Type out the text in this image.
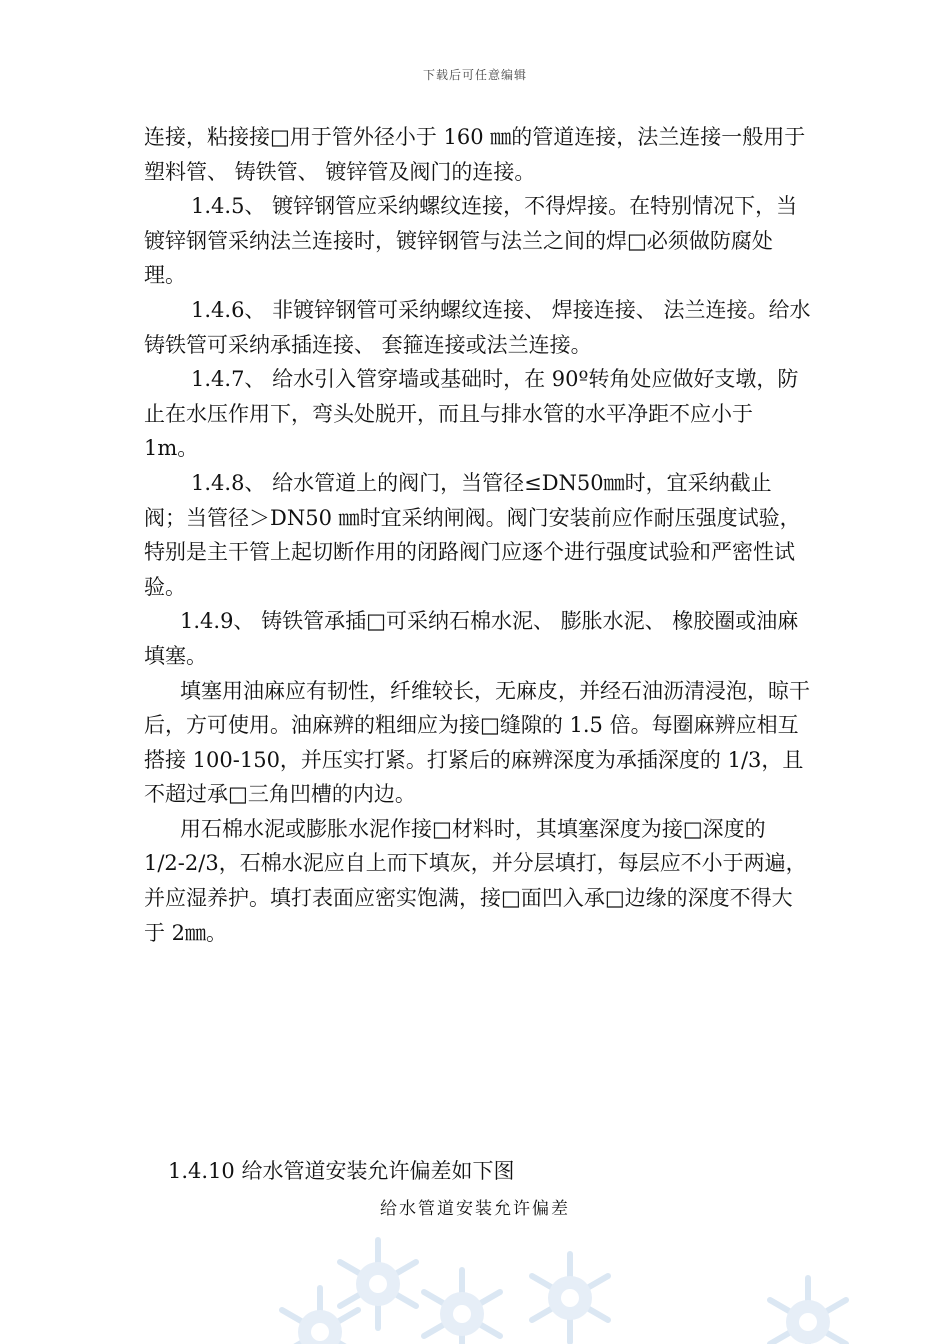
下载后可任意编辑

连接，粘接接□用于管外径小于 160 ㎜的管道连接，法兰连接一般用于塑料管、 铸铁管、 镀锌管及阀门的连接。

1.4.5、 镀锌钢管应采纳螺纹连接，不得焊接。在特别情况下，当镀锌钢管采纳法兰连接时，镀锌钢管与法兰之间的焊□必须做防腐处理。

1.4.6、 非镀锌钢管可采纳螺纹连接、 焊接连接、 法兰连接。给水铸铁管可采纳承插连接、 套箍连接或法兰连接。

1.4.7、 给水引入管穿墙或基础时，在 90º转角处应做好支墩，防止在水压作用下，弯头处脱开，而且与排水管的水平净距不应小于 1m。

1.4.8、 给水管道上的阀门，当管径≤DN50㎜时，宜采纳截止阀；当管径＞DN50 ㎜时宜采纳闸阀。阀门安装前应作耐压强度试验，特别是主干管上起切断作用的闭路阀门应逐个进行强度试验和严密性试验。

1.4.9、 铸铁管承插□可采纳石棉水泥、 膨胀水泥、 橡胶圈或油麻填塞。

填塞用油麻应有韧性，纤维较长，无麻皮，并经石油沥清浸泡，晾干后，方可使用。油麻辨的粗细应为接□缝隙的 1.5 倍。每圈麻辨应相互搭接 100-150，并压实打紧。打紧后的麻辨深度为承插深度的 1/3，且不超过承□三角凹槽的内边。

用石棉水泥或膨胀水泥作接□材料时，其填塞深度为接□深度的 1/2-2/3，石棉水泥应自上而下填灰，并分层填打，每层应不小于两遍，并应湿养护。填打表面应密实饱满，接□面凹入承□边缘的深度不得大于 2㎜。

1.4.10 给水管道安装允许偏差如下图
给水管道安装允许偏差
